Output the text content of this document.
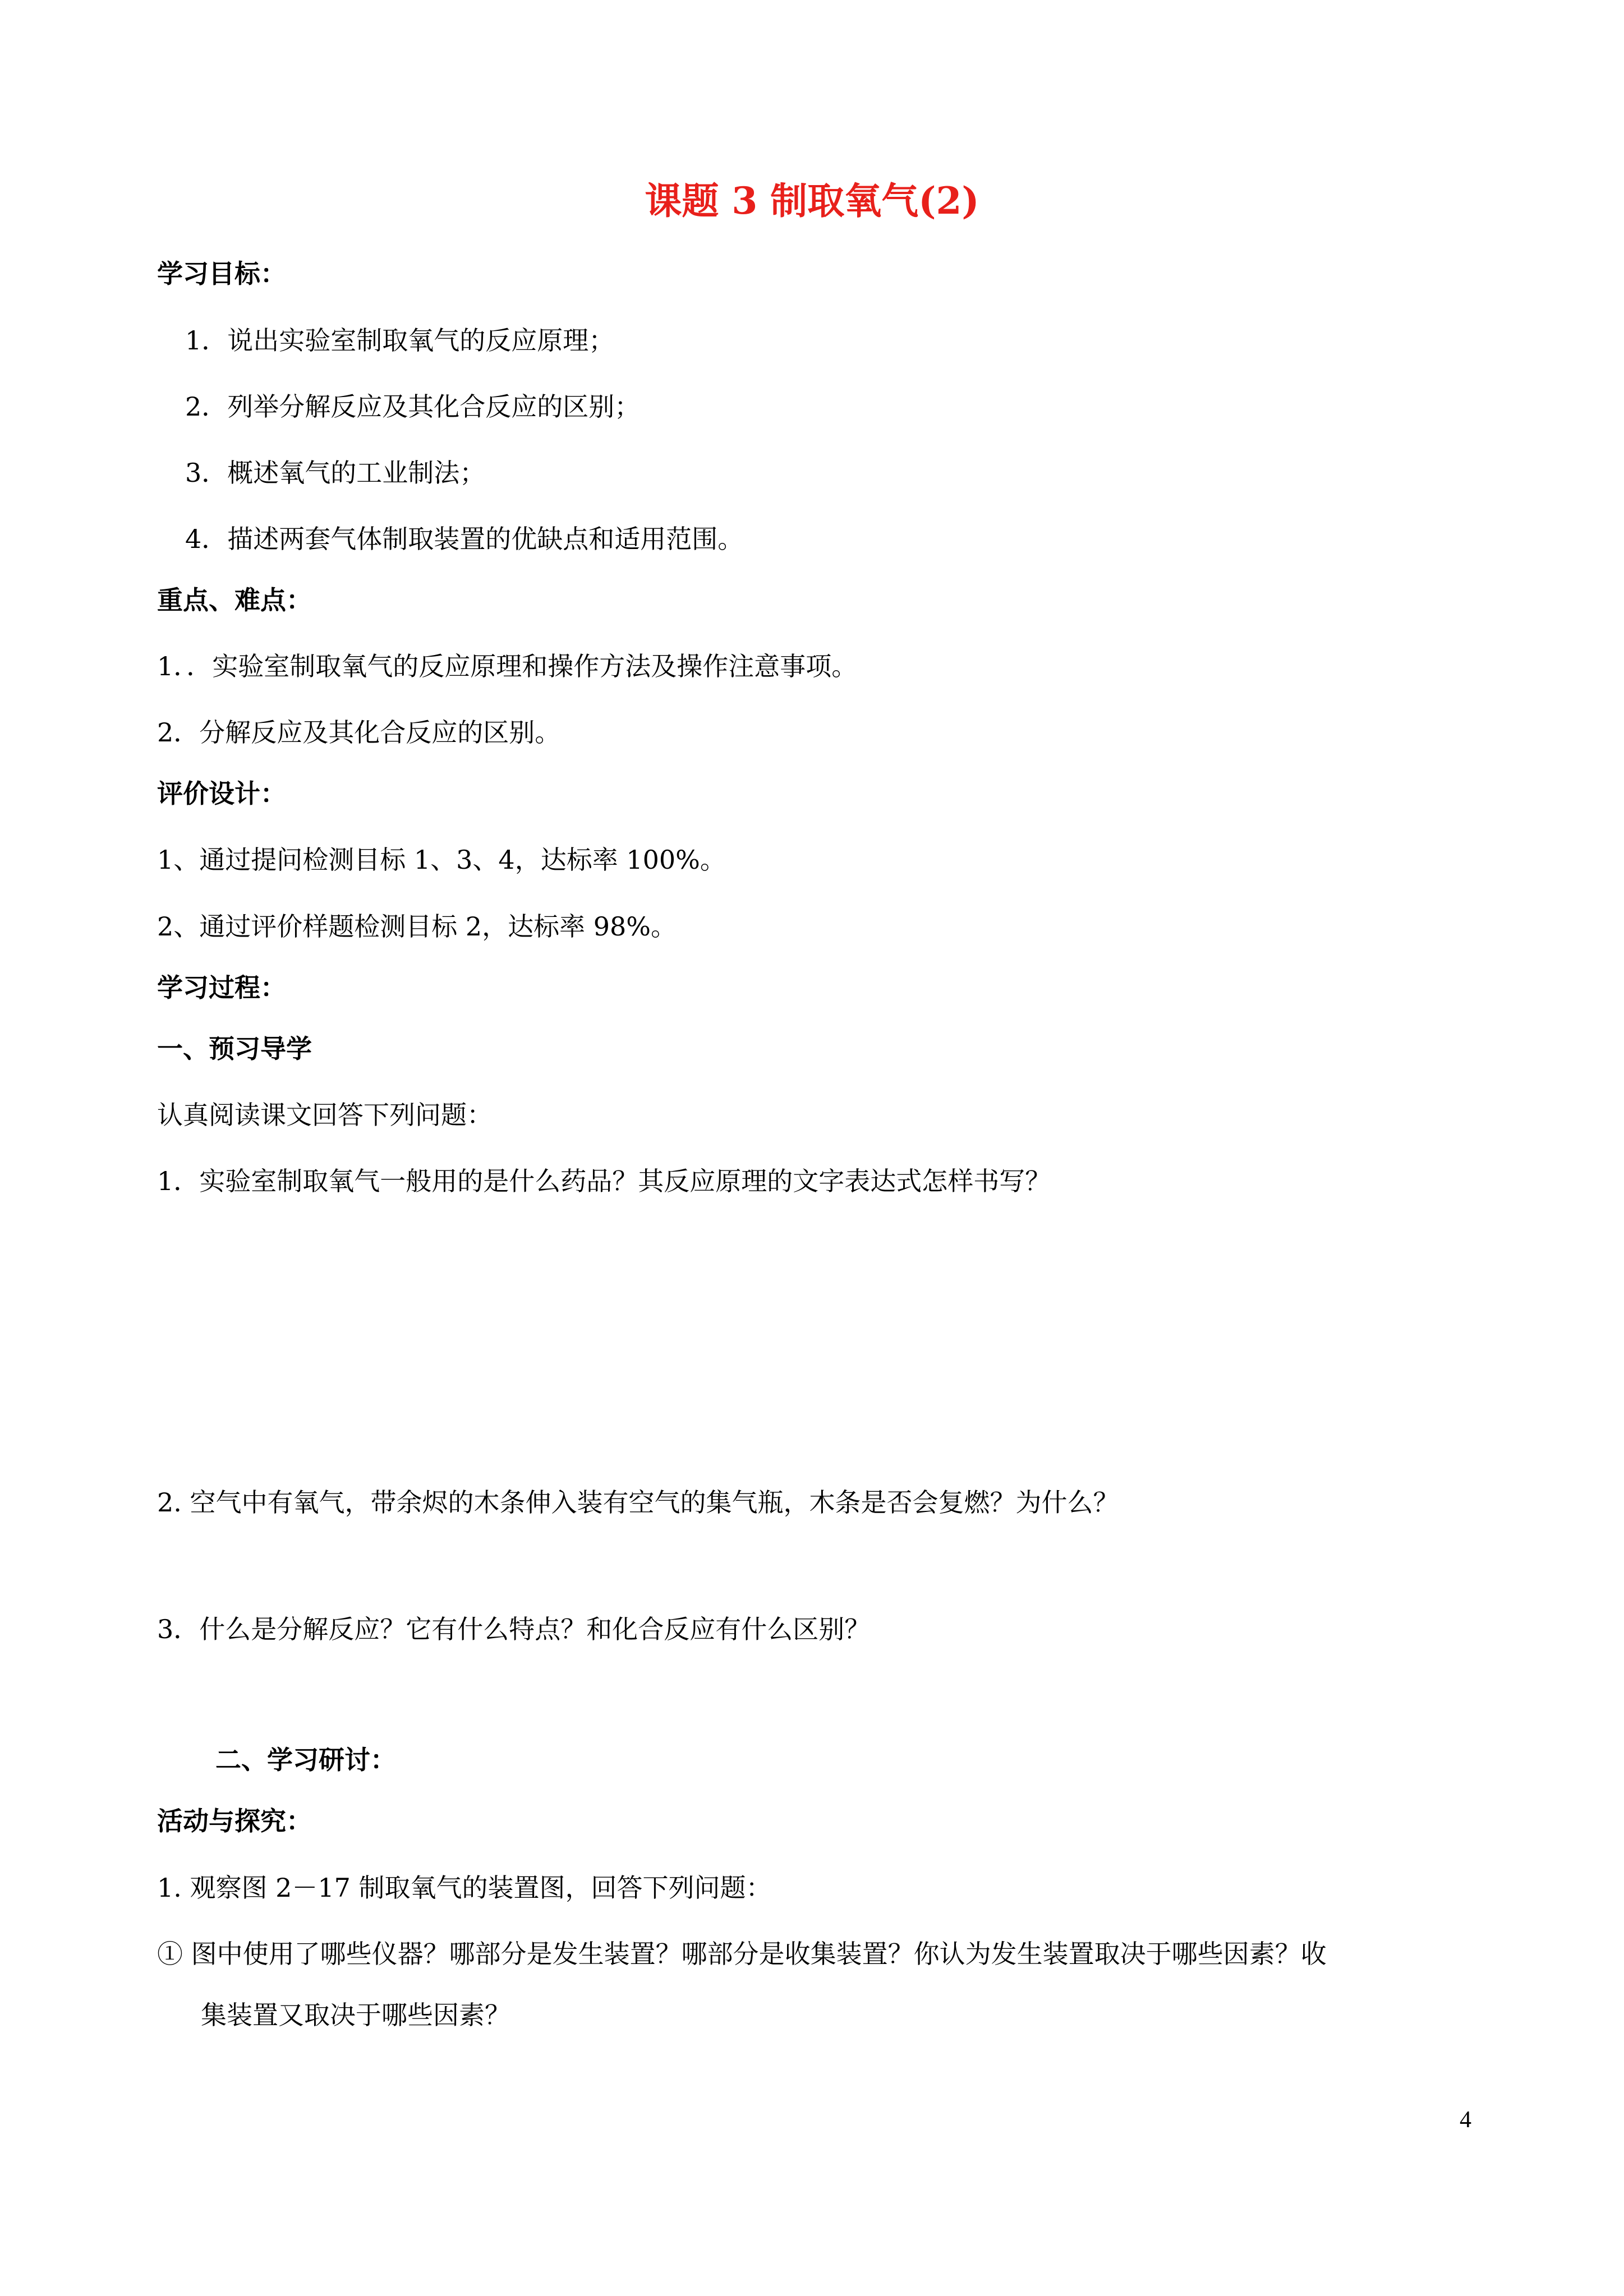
课题 3 制取氧气(2)
学习目标：
1．说出实验室制取氧气的反应原理；
2．列举分解反应及其化合反应的区别；
3．概述氧气的工业制法；
4．描述两套气体制取装置的优缺点和适用范围。
重点、难点：
1．．实验室制取氧气的反应原理和操作方法及操作注意事项。
2．分解反应及其化合反应的区别。
评价设计：
1、通过提问检测目标 1、3、4，达标率 100%。
2、通过评价样题检测目标 2，达标率 98%。
学习过程：
一、预习导学
认真阅读课文回答下列问题：
1．实验室制取氧气一般用的是什么药品？其反应原理的文字表达式怎样书写？
2. 空气中有氧气，带余烬的木条伸入装有空气的集气瓶，木条是否会复燃？为什么？
3．什么是分解反应？它有什么特点？和化合反应有什么区别？
二、学习研讨：
活动与探究：
1. 观察图 2－17 制取氧气的装置图，回答下列问题：
① 图中使用了哪些仪器？哪部分是发生装置？哪部分是收集装置？你认为发生装置取决于哪些因素？收
集装置又取决于哪些因素？
4
